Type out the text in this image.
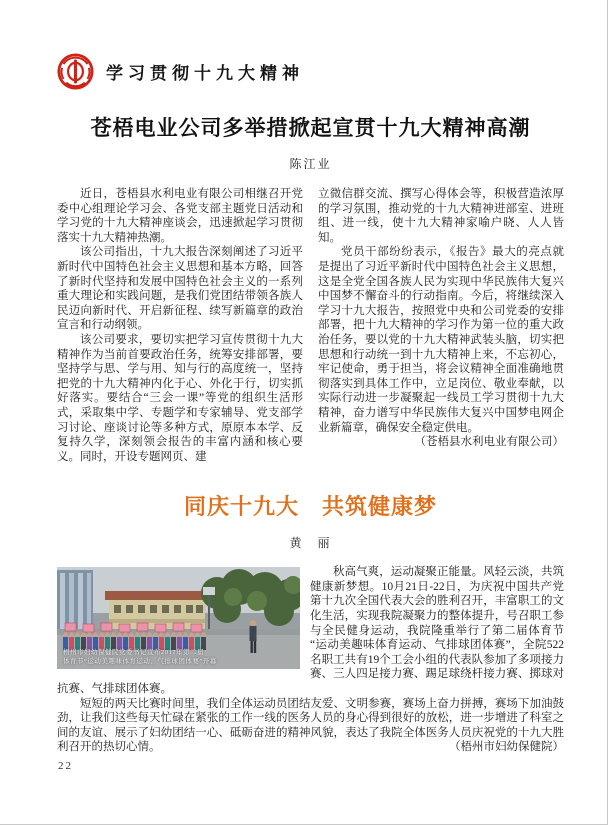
学习贯彻十九大精神
苍梧电业公司多举措掀起宣贯十九大精神高潮
陈江业

近日，苍梧县水利电业有限公司相继召开党委中心组理论学习会、各党支部主题党日活动和学习党的十九大精神座谈会，迅速掀起学习贯彻落实十九大精神热潮。

该公司指出，十九大报告深刻阐述了习近平新时代中国特色社会主义思想和基本方略，回答了新时代坚持和发展中国特色社会主义的一系列重大理论和实践问题，是我们党团结带领各族人民迈向新时代、开启新征程、续写新篇章的政治宣言和行动纲领。

该公司要求，要切实把学习宣传贯彻十九大精神作为当前首要政治任务，统筹安排部署，要坚持学与思、学与用、知与行的高度统一，坚持把党的十九大精神内化于心、外化于行，切实抓好落实。要结合“三会一课”等党的组织生活形式，采取集中学、专题学和专家辅导、党支部学习讨论、座谈讨论等多种方式，原原本本学、反复持久学，深刻领会报告的丰富内涵和核心要义。同时，开设专题网页、建

立微信群交流、撰写心得体会等，积极营造浓厚的学习氛围，推动党的十九大精神进部室、进班组、进一线，使十九大精神家喻户晓、人人皆知。

党员干部纷纷表示，《报告》最大的亮点就是提出了习近平新时代中国特色社会主义思想，这是全党全国各族人民为实现中华民族伟大复兴中国梦不懈奋斗的行动指南。今后，将继续深入学习十九大报告，按照党中央和公司党委的安排部署，把十九大精神的学习作为第一位的重大政治任务，要以党的十九大精神武装头脑，切实把思想和行动统一到十九大精神上来，不忘初心，牢记使命，勇于担当，将会议精神全面准确地贯彻落实到具体工作中，立足岗位、敬业奉献，以实际行动进一步凝聚起一线员工学习贯彻十九大精神，奋力谱写中华民族伟大复兴中国梦电网企业新篇章，确保安全稳定供电。
（苍梧县水利电业有限公司）

同庆十九大　共筑健康梦
黄　丽
梧州市妇幼保健院党委书记宣布2017年第二届
体育节“运动美趣味体育运动、气排球团体赛”开幕

秋高气爽，运动凝聚正能量。风轻云淡，共筑健康新梦想。10月21日-22日，为庆祝中国共产党第十九次全国代表大会的胜利召开，丰富职工的文化生活，实现我院凝聚力的整体提升，号召职工参与全民健身运动，我院隆重举行了第二届体育节“运动美趣味体育运动、气排球团体赛”，全院522名职工共有19个工会小组的代表队参加了多项接力赛、三人四足接力赛、踢足球绕杆接力赛、掷球对抗赛、气排球团体赛。

短短的两天比赛时间里，我们全体运动员团结友爱、文明参赛，赛场上奋力拼搏，赛场下加油鼓劲，让我们这些每天忙碌在紧张的工作一线的医务人员的身心得到很好的放松，进一步增进了科室之间的友谊、展示了妇幼团结一心、砥砺奋进的精神风貌，表达了我院全体医务人员庆祝党的十九大胜利召开的热切心情。	（梧州市妇幼保健院）

22
